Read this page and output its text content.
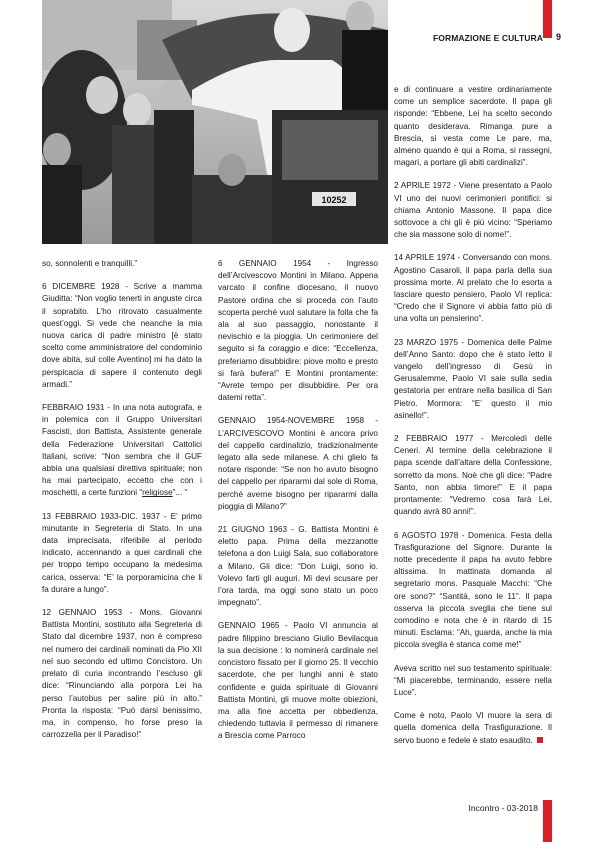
FORMAZIONE E CULTURA 9
10252

so, sonnolenti e tranquilli.”

6 DICEMBRE 1928 - Scrive a mamma Giuditta: “Non voglio tenerti in anguste circa il soprabito. L’ho ritrovato casualmente quest’oggi. Si vede che neanche la mia nuova carica di padre ministro [è stato scelto come amministratore del condominio dove abita, sul colle Aventino] mi ha dato la perspicacia di sapere il contenuto degli armadi.”

FEBBRAIO 1931 - In una nota autografa, e in polemica con il Gruppo Universitari Fascisti, don Battista, Assistente generale della Federazione Universitari Cattolici Italiani, scrive: “Non sembra che il GUF abbia una qualsiasi direttiva spirituale; non ha mai partecipato, eccetto che con i moschetti, a certe funzioni “religiose”... “

13 FEBBRAIO 1933-DIC. 1937 - E’ primo minutante in Segreteria di Stato. In una data imprecisata, riferibile al periodo indicato, accennando a quei cardinali che per troppo tempo occupano la medesima carica, osserva: “E’ la porporamicina che li fa durare a lungo”.

12 GENNAIO 1953 - Mons. Giovanni Battista Montini, sostituto alla Segreteria di Stato dal dicembre 1937, non è compreso nel numero dei cardinali nominati da Pio XII nel suo secondo ed ultimo Concistoro. Un prelato di curia incontrando l’escluso gli dice: “Rinunciando alla porpora Lei ha perso l’autobus per salire più in alto.” Pronta la risposta: “Può darsi benissimo, ma, in compenso, ho forse preso la carrozzella per il Paradiso!”

6 GENNAIO 1954 - Ingresso dell’Arcivescovo Montini in Milano. Appena varcato il confine diocesano, il nuovo Pastore ordina che si proceda con l’auto scoperta perché vuol salutare la folla che fa ala al suo passaggio, nonostante il nevischio e la pioggia. Un cerimoniere del seguito si fa coraggio e dice: “Eccellenza, preferiamo disubbidire: piove molto e presto si farà bufera!” E Montini prontamente: “Avrete tempo per disubbidire. Per ora datemi retta”.

GENNAIO 1954-NOVEMBRE 1958 - L’ARCIVESCOVO Montini è ancora privo del cappello cardinalizio, tradizionalmente legato alla sede milanese. A chi glielo fa notare risponde: “Se non ho avuto bisogno del cappello per ripararmi dal sole di Roma, perché averne bisogno per ripararmi dalla pioggia di Milano?”

21 GIUGNO 1963 - G. Battista Montini è eletto papa. Prima della mezzanotte telefona a don Luigi Sala, suo collaboratore a Milano. Gli dice: “Don Luigi, sono io. Volevo farti gli auguri. Mi devi scusare per l’ora tarda, ma oggi sono stato un poco impegnato”.

GENNAIO 1965 - Paolo VI annuncia al padre filippino bresciano Giulio Bevilacqua la sua decisione : lo nominerà cardinale nel concistoro fissato per il giorno 25. Il vecchio sacerdote, che per lunghi anni è stato confidente e guida spirituale di Giovanni Battista Montini, gli muove molte obiezioni, ma alla fine accetta per obbedienza, chiedendo tuttavia il permesso di rimanere a Brescia come Parroco

e di continuare a vestire ordinariamente come un semplice sacerdote. Il papa gli risponde: “Ebbene, Lei ha scelto secondo quanto desiderava. Rimanga pure a Brescia, si vesta come Le pare, ma, almeno quando è qui a Roma, si rassegni, magari, a portare gli abiti cardinalizi”.

2 APRILE 1972 - Viene presentato a Paolo VI uno dei nuovi cerimonieri pontifici: si chiama Antonio Massone. Il papa dice sottovoce a chi gli è più vicino: “Speriamo che sia massone solo di nome!”.

14 APRILE 1974 - Conversando con mons. Agostino Casaroli, il papa parla della sua prossima morte. Al prelato che lo esorta a lasciare questo pensiero, Paolo VI replica: “Credo che il Signore vi abbia fatto più di una volta un pensierino”.

23 MARZO 1975 - Domenica delle Palme dell’Anno Santo: dopo che è stato letto il vangelo dell’ingresso di Gesù in Gerusalemme, Paolo VI sale sulla sedia gestatoria per entrare nella basilica di San Pietro. Mormora: “E’ questo il mio asinello!”.

2 FEBBRAIO 1977 - Mercoledì delle Ceneri. Al termine della celebrazione il papa scende dall’altare della Confessione, sorretto da mons. Noè che gli dice: “Padre Santo, non abbia timore!” E il papa prontamente: “Vedremo cosa farà Lei, quando avrà 80 anni!”.

6 AGOSTO 1978 - Domenica. Festa della Trasfigurazione del Signore. Durante la notte precedente il papa ha avuto febbre altissima. In mattinata domanda al segretario mons. Pasquale Macchi: “Che ore sono?” “Santità, sono le 11”. Il papa osserva la piccola sveglia che tiene sul comodino e nota che è in ritardo di 15 minuti. Esclama: “Ah, guarda, anche la mia piccola sveglia è stanca come me!”

Aveva scritto nel suo testamento spirituale: “Mi piacerebbe, terminando, essere nella Luce”.

Come è noto, Paolo VI muore la sera di quella domenica della Trasfigurazione. Il servo buono e fedele è stato esaudito.

Incontro - 03-2018
